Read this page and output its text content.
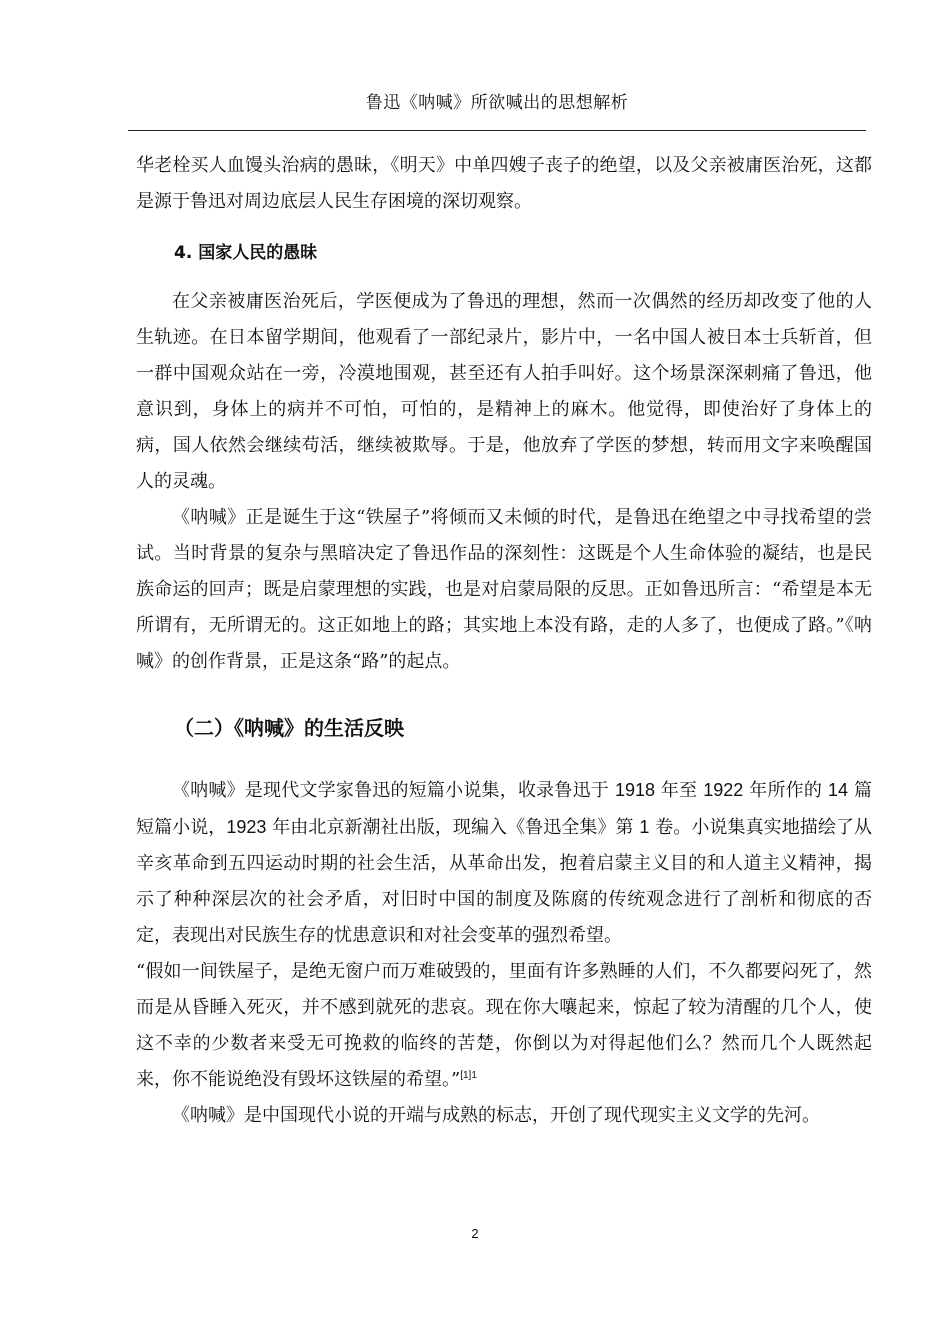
鲁迅《呐喊》所欲喊出的思想解析

华老栓买人血馒头治病的愚昧，《明天》中单四嫂子丧子的绝望，以及父亲被庸医治死，这都是源于鲁迅对周边底层人民生存困境的深切观察。

4. 国家人民的愚昧

在父亲被庸医治死后，学医便成为了鲁迅的理想，然而一次偶然的经历却改变了他的人生轨迹。在日本留学期间，他观看了一部纪录片，影片中，一名中国人被日本士兵斩首，但一群中国观众站在一旁，冷漠地围观，甚至还有人拍手叫好。这个场景深深刺痛了鲁迅，他意识到，身体上的病并不可怕，可怕的，是精神上的麻木。他觉得，即使治好了身体上的病，国人依然会继续苟活，继续被欺辱。于是，他放弃了学医的梦想，转而用文字来唤醒国人的灵魂。

《呐喊》正是诞生于这“铁屋子”将倾而又未倾的时代，是鲁迅在绝望之中寻找希望的尝试。当时背景的复杂与黑暗决定了鲁迅作品的深刻性：这既是个人生命体验的凝结，也是民族命运的回声；既是启蒙理想的实践，也是对启蒙局限的反思。正如鲁迅所言：“希望是本无所谓有，无所谓无的。这正如地上的路；其实地上本没有路，走的人多了，也便成了路。”《呐喊》的创作背景，正是这条“路”的起点。

（二）《呐喊》的生活反映

《呐喊》是现代文学家鲁迅的短篇小说集，收录鲁迅于 1918 年至 1922 年所作的 14 篇短篇小说，1923 年由北京新潮社出版，现编入《鲁迅全集》第 1 卷。小说集真实地描绘了从辛亥革命到五四运动时期的社会生活，从革命出发，抱着启蒙主义目的和人道主义精神，揭示了种种深层次的社会矛盾，对旧时中国的制度及陈腐的传统观念进行了剖析和彻底的否定，表现出对民族生存的忧患意识和对社会变革的强烈希望。

“假如一间铁屋子，是绝无窗户而万难破毁的，里面有许多熟睡的人们，不久都要闷死了，然而是从昏睡入死灭，并不感到就死的悲哀。现在你大嚷起来，惊起了较为清醒的几个人，使这不幸的少数者来受无可挽救的临终的苦楚，你倒以为对得起他们么？然而几个人既然起来，你不能说绝没有毁坏这铁屋的希望。”$^{[1]1}$

《呐喊》是中国现代小说的开端与成熟的标志，开创了现代现实主义文学的先河。

2
